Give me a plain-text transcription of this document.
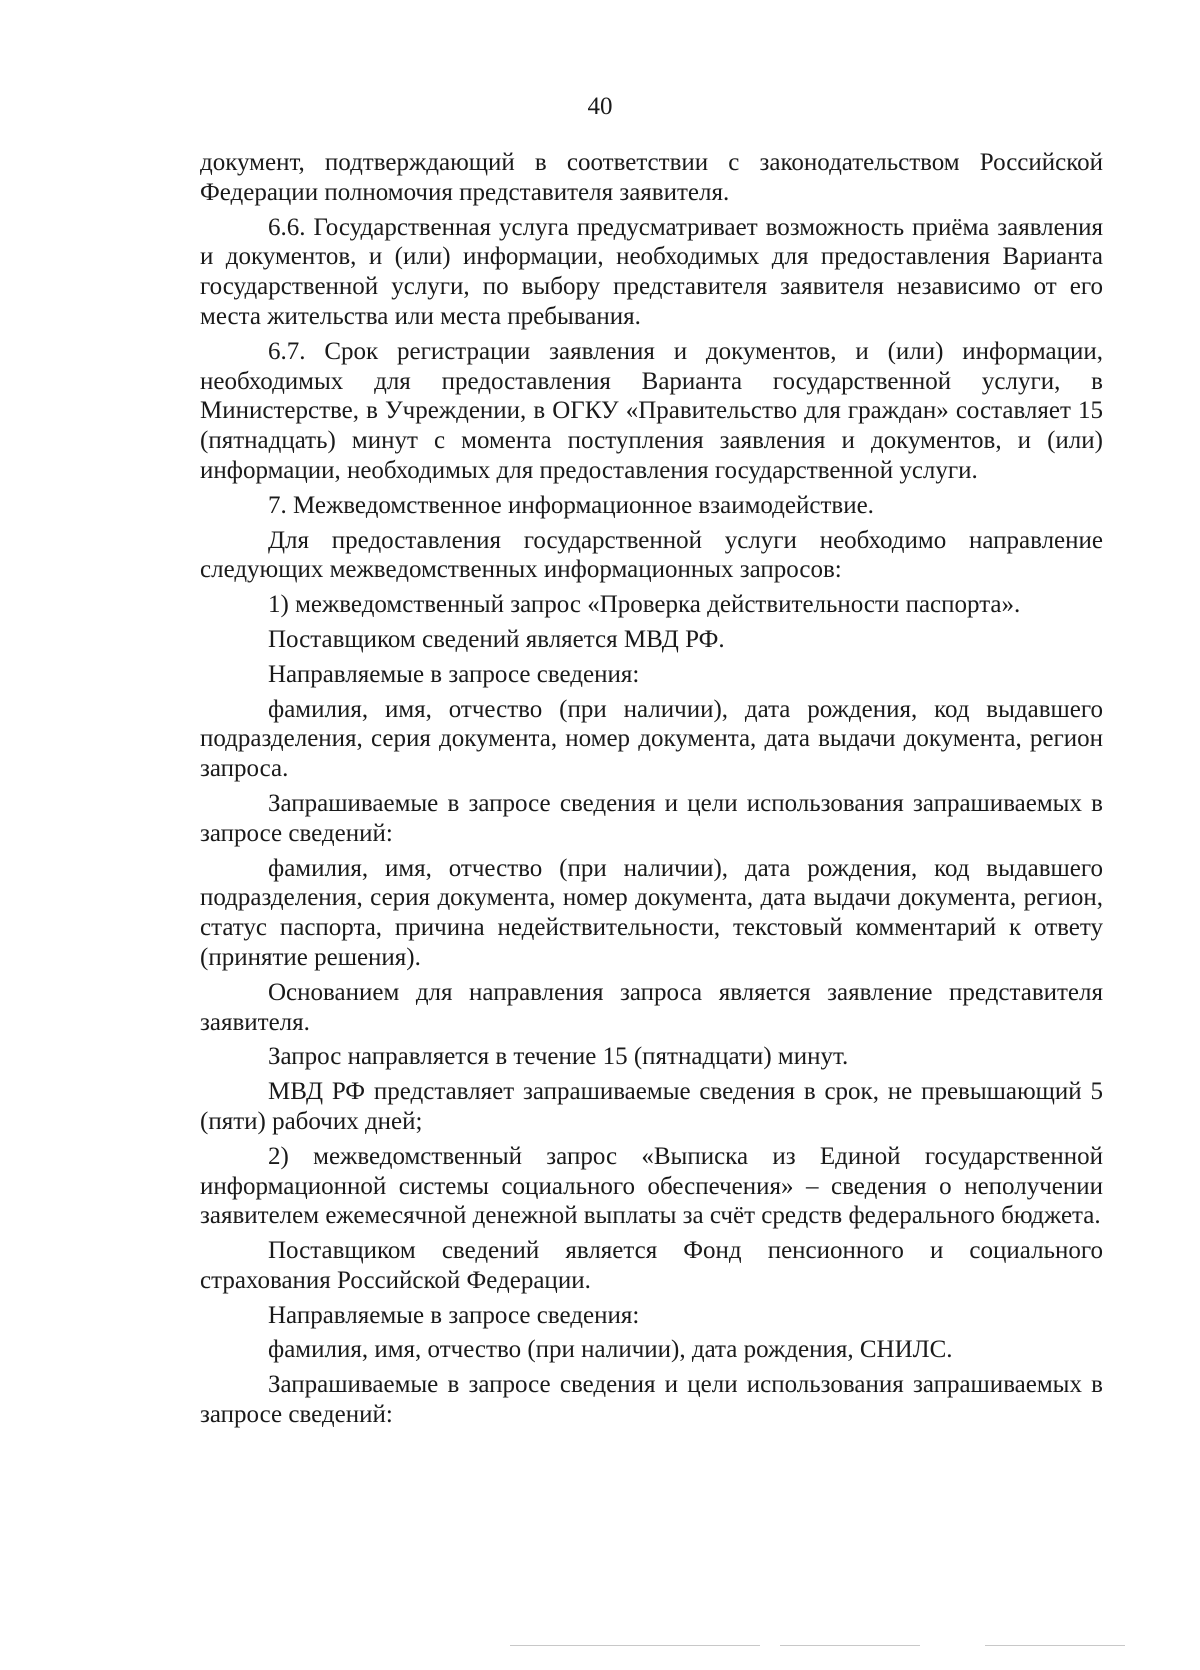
40

документ, подтверждающий в соответствии с законодательством Российской Федерации полномочия представителя заявителя.

6.6. Государственная услуга предусматривает возможность приёма заявления и документов, и (или) информации, необходимых для предоставления Варианта государственной услуги, по выбору представителя заявителя независимо от его места жительства или места пребывания.

6.7. Срок регистрации заявления и документов, и (или) информации, необходимых для предоставления Варианта государственной услуги, в Министерстве, в Учреждении, в ОГКУ «Правительство для граждан» составляет 15 (пятнадцать) минут с момента поступления заявления и документов, и (или) информации, необходимых для предоставления государственной услуги.

7. Межведомственное информационное взаимодействие.

Для предоставления государственной услуги необходимо направление следующих межведомственных информационных запросов:

1) межведомственный запрос «Проверка действительности паспорта».

Поставщиком сведений является МВД РФ.

Направляемые в запросе сведения:

фамилия, имя, отчество (при наличии), дата рождения, код выдавшего подразделения, серия документа, номер документа, дата выдачи документа, регион запроса.

Запрашиваемые в запросе сведения и цели использования запрашиваемых в запросе сведений:

фамилия, имя, отчество (при наличии), дата рождения, код выдавшего подразделения, серия документа, номер документа, дата выдачи документа, регион, статус паспорта, причина недействительности, текстовый комментарий к ответу (принятие решения).

Основанием для направления запроса является заявление представителя заявителя.

Запрос направляется в течение 15 (пятнадцати) минут.

МВД РФ представляет запрашиваемые сведения в срок, не превышающий 5 (пяти) рабочих дней;

2) межведомственный запрос «Выписка из Единой государственной информационной системы социального обеспечения» – сведения о неполучении заявителем ежемесячной денежной выплаты за счёт средств федерального бюджета.

Поставщиком сведений является Фонд пенсионного и социального страхования Российской Федерации.

Направляемые в запросе сведения:

фамилия, имя, отчество (при наличии), дата рождения, СНИЛС.

Запрашиваемые в запросе сведения и цели использования запрашиваемых в запросе сведений:
